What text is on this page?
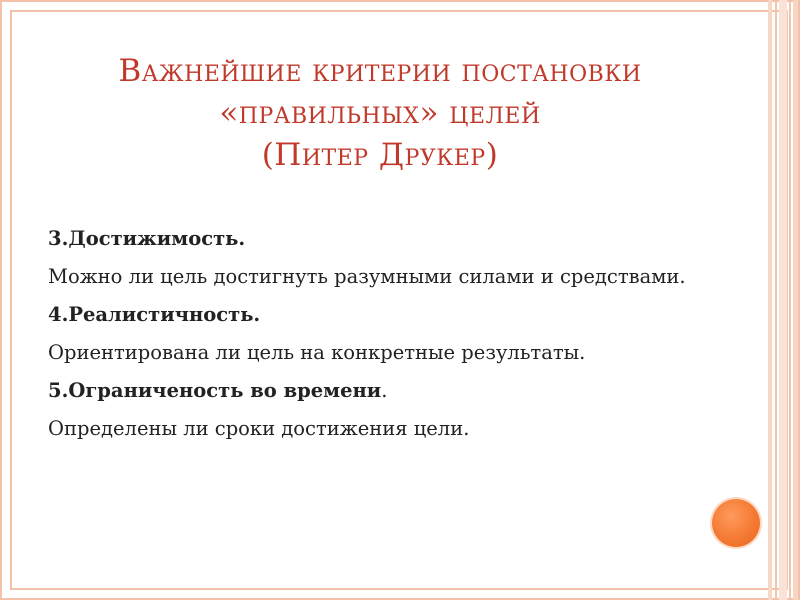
Важнейшие критерии постановки
«правильных» целей
(Питер Друкер)
3.Достижимость.
Можно ли цель достигнуть разумными силами и средствами.
4.Реалистичность.
Ориентирована ли цель на конкретные результаты.
5.Ограниченость во времени.
Определены ли сроки достижения цели.
